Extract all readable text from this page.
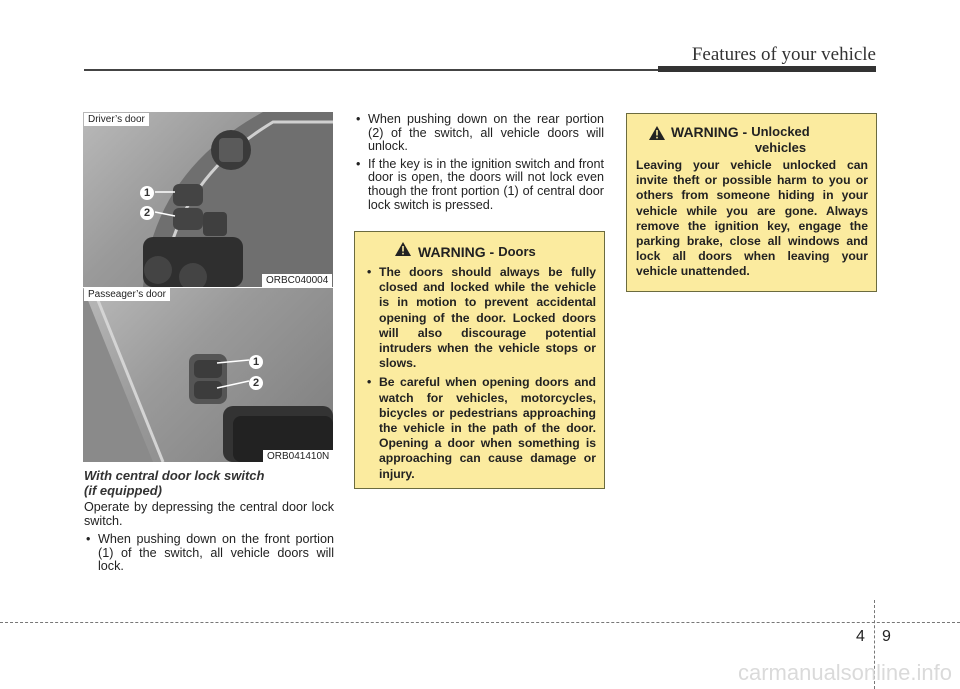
Features of your vehicle
Driver’s door
1
2
ORBC040004
Passeager’s door
1
2
ORB041410N
With central door lock switch
(if equipped)
Operate by depressing the central door lock switch.
• When pushing down on the front portion (1) of the switch, all vehicle doors will lock.
• When pushing down on the rear portion (2) of the switch, all vehicle doors will unlock.
• If the key is in the ignition switch and front door is open, the doors will not lock even though the front portion (1) of central door lock switch is pressed.
WARNING - Doors
• The doors should always be fully closed and locked while the vehicle is in motion to prevent accidental opening of the door. Locked doors will also discourage potential intruders when the vehicle stops or slows.
• Be careful when opening doors and watch for vehicles, motorcycles, bicycles or pedestrians approaching the vehicle in the path of the door. Opening a door when something is approaching can cause damage or injury.
WARNING - Unlocked
vehicles
Leaving your vehicle unlocked can invite theft or possible harm to you or others from someone hiding in your vehicle while you are gone. Always remove the ignition key, engage the parking brake, close all windows and lock all doors when leaving your vehicle unattended.
4 9
carmanualsonline.info
